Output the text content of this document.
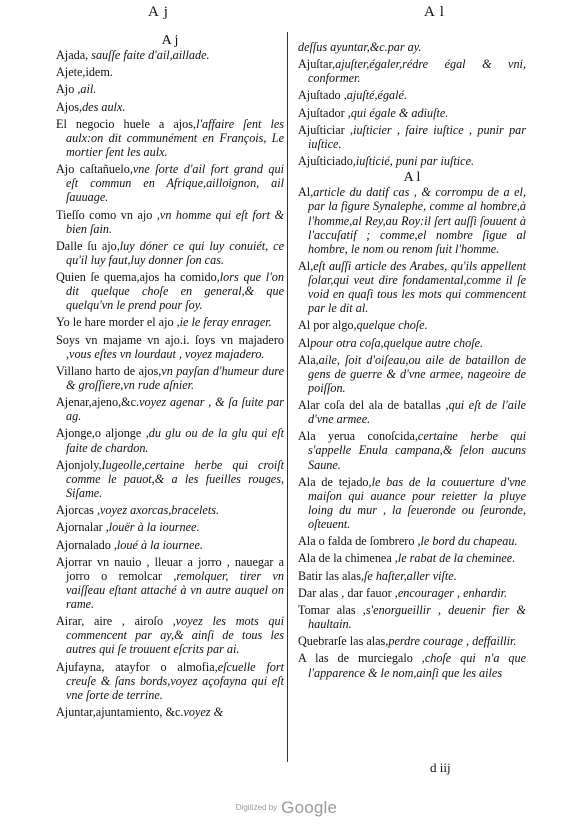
A j	A l

A j

Ajada, sauſſe faite d'ail,aillade.

Ajete,idem.

Ajo ,ail.

Ajos,des aulx.

El negocio huele a ajos,l'affaire ſent les aulx:on dit communément en François, Le mortier ſent les aulx.

Ajo caſtañuelo,vne ſorte d'ail fort grand qui eſt commun en Afrique,ailloignon, ail ſauuage.

Tieſſo como vn ajo ,vn homme qui eſt fort & bien ſain.

Dalle ſu ajo,luy dóner ce qui luy conuiét, ce qu'il luy faut,luy donner ſon cas.

Quien ſe quema,ajos ha comido,lors que l'on dit quelque choſe en general,& que quelqu'vn le prend pour ſoy.

Yo le hare morder el ajo ,ie le feray enrager.

Soys vn majame vn ajo.i. ſoys vn majadero ,vous eſtes vn lourdaut , voyez majadero.

Villano harto de ajos,vn payſan d'humeur dure & groſſiere,vn rude aſnier.

Ajenar,ajeno,&c.voyez agenar , & ſa ſuite par ag.

Ajonge,o aljonge ,du glu ou de la glu qui eſt faite de chardon.

Ajonjoly,Iugeolle,certaine herbe qui croiſt comme le pauot,& a les fueilles rouges, Siſame.

Ajorcas ,voyez axorcas,bracelets.

Ajornalar ,louër à la iournee.

Ajornalado ,loué à la iournee.

Ajorrar vn nauio , lleuar a jorro , nauegar a jorro o remolcar ,remolquer, tirer vn vaiſſeau eſtant attaché à vn autre auquel on rame.

Airar, aire , airoſo ,voyez les mots qui commencent par ay,& ainſi de tous les autres qui ſe trouuent eſcrits par ai.

Ajufayna, atayfor o almofia,eſcuelle fort creuſe & ſans bords,voyez açofayna qui eſt vne ſorte de terrine.

Ajuntar,ajuntamiento, &c.voyez &

deſſus ayuntar,&c.par ay.

Ajuſtar,ajuſter,égaler,rédre égal & vni, conformer.

Ajuſtado ,ajuſté,égalé.

Ajuſtador ,qui égale & adiuſte.

Ajuſticiar ,iuſticier , faire iuſtice , punir par iuſtice.

Ajuſticiado,iuſticié, puni par iuſtice.

A l

Al,article du datif cas , & corrompu de a el, par la figure Synalephe, comme al hombre,à l'homme,al Rey,au Roy:il ſert auſſi ſouuent à l'accuſatif ; comme,el nombre ſigue al hombre, le nom ou renom ſuit l'homme.

Al,eſt auſſi article des Arabes, qu'ils appellent ſolar,qui veut dire fondamental,comme il ſe void en quaſi tous les mots qui commencent par le dit al.

Al por algo,quelque choſe.

Alpour otra coſa,quelque autre choſe.

Ala,aile, ſoit d'oiſeau,ou aile de bataillon de gens de guerre & d'vne armee, nageoire de poiſſon.

Alar coſa del ala de batallas ,qui eſt de l'aile d'vne armee.

Ala yerua conoſcida,certaine herbe qui s'appelle Enula campana,& ſelon aucuns Saune.

Ala de tejado,le bas de la couuerture d'vne maiſon qui auance pour reietter la pluye loing du mur , la ſeueronde ou ſeuronde, oſteuent.

Ala o falda de ſombrero ,le bord du chapeau.

Ala de la chimenea ,le rabat de la cheminee.

Batir las alas,ſe haſter,aller viſte.

Dar alas , dar fauor ,encourager , enhardir.

Tomar alas ,s'enorgueillir , deuenir fier & haultain.

Quebrarſe las alas,perdre courage , deffaillir.

A las de murciegalo ,choſe qui n'a que l'apparence & le nom,ainſi que les ailes

d iij
Digitized by Google
